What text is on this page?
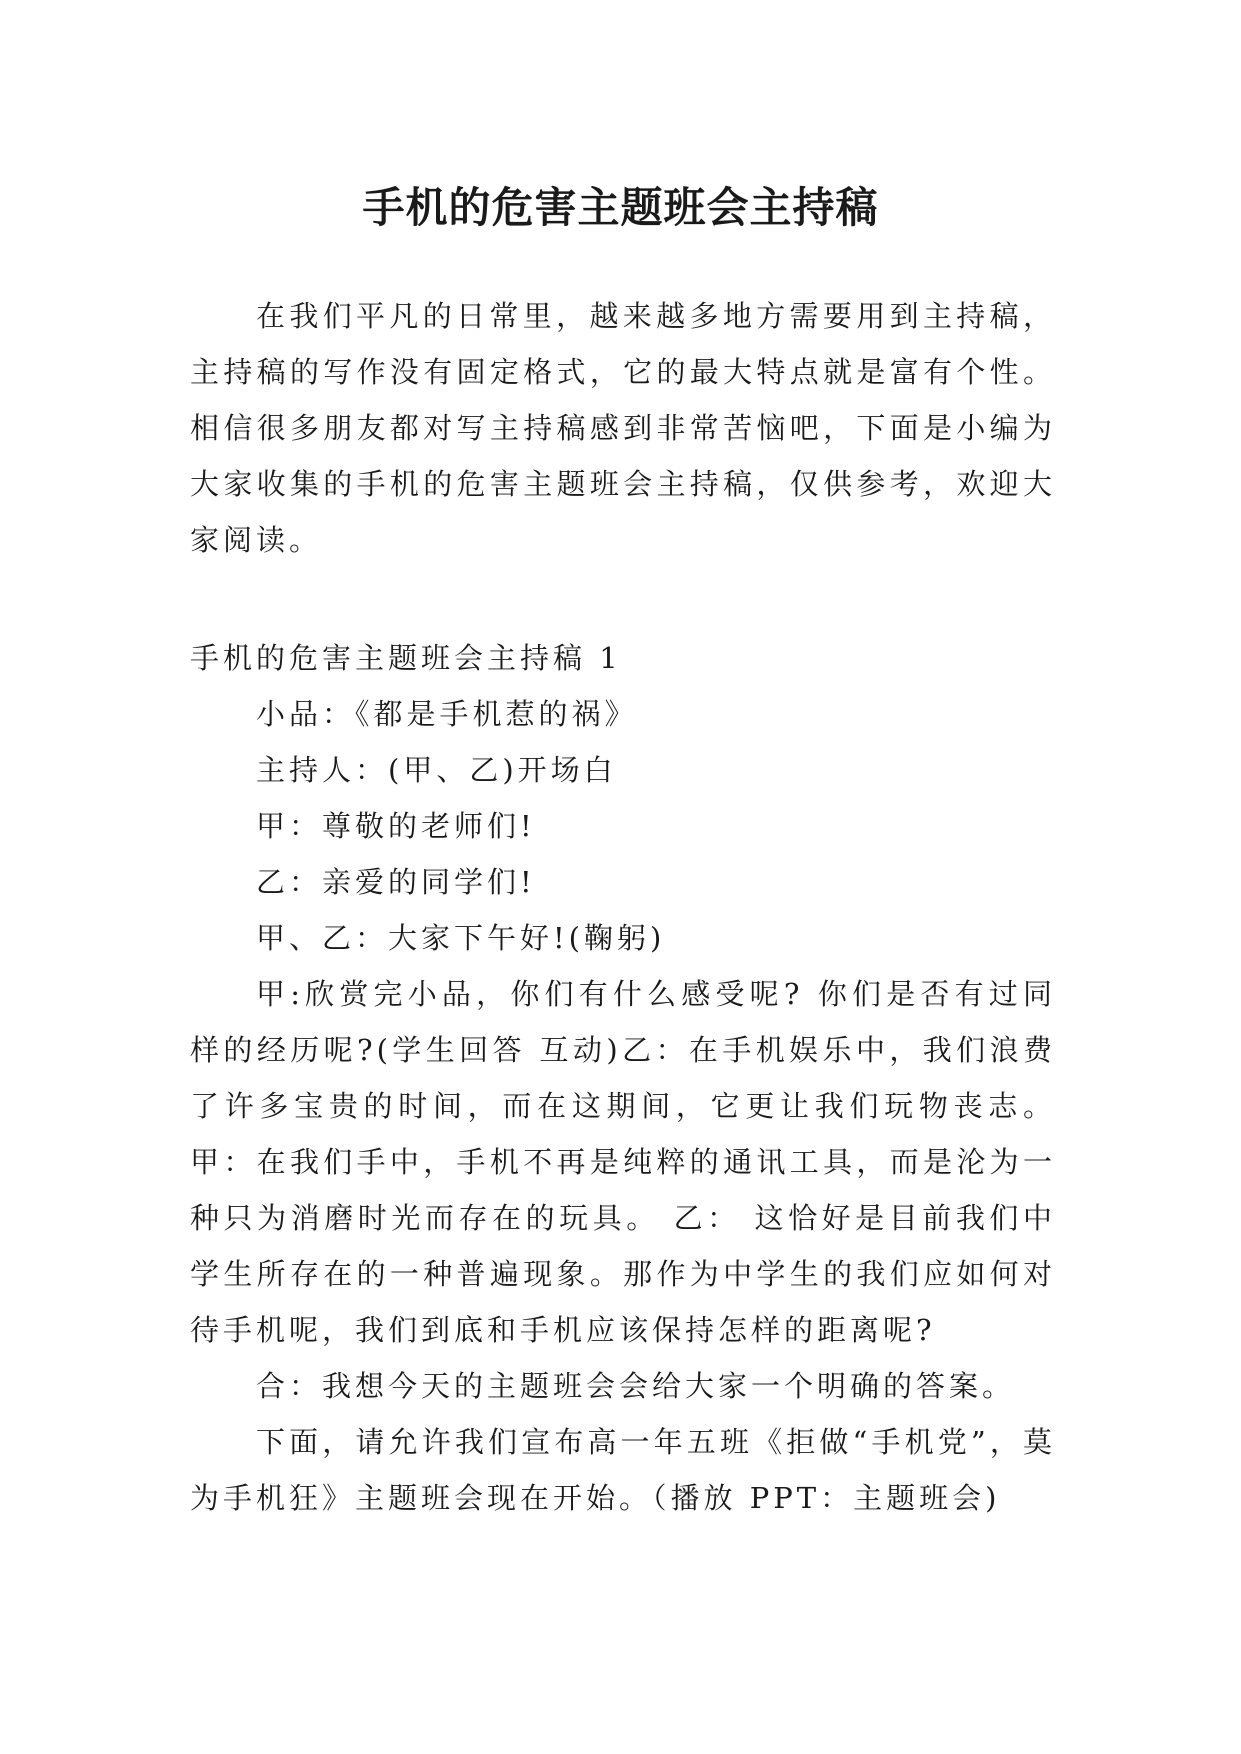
手机的危害主题班会主持稿

在我们平凡的日常里，越来越多地方需要用到主持稿，主持稿的写作没有固定格式，它的最大特点就是富有个性。相信很多朋友都对写主持稿感到非常苦恼吧，下面是小编为大家收集的手机的危害主题班会主持稿，仅供参考，欢迎大家阅读。

手机的危害主题班会主持稿 1

小品：《都是手机惹的祸》

主持人：(甲、乙)开场白

甲：尊敬的老师们!

乙：亲爱的同学们!

甲、乙：大家下午好!(鞠躬)

甲:欣赏完小品，你们有什么感受呢? 你们是否有过同样的经历呢?(学生回答 互动)乙：在手机娱乐中，我们浪费了许多宝贵的时间，而在这期间，它更让我们玩物丧志。甲：在我们手中，手机不再是纯粹的通讯工具，而是沦为一种只为消磨时光而存在的玩具。 乙： 这恰好是目前我们中学生所存在的一种普遍现象。那作为中学生的我们应如何对待手机呢，我们到底和手机应该保持怎样的距离呢?

合：我想今天的主题班会会给大家一个明确的答案。

下面，请允许我们宣布高一年五班《拒做“手机党”，莫为手机狂》主题班会现在开始。（播放 PPT：主题班会)
